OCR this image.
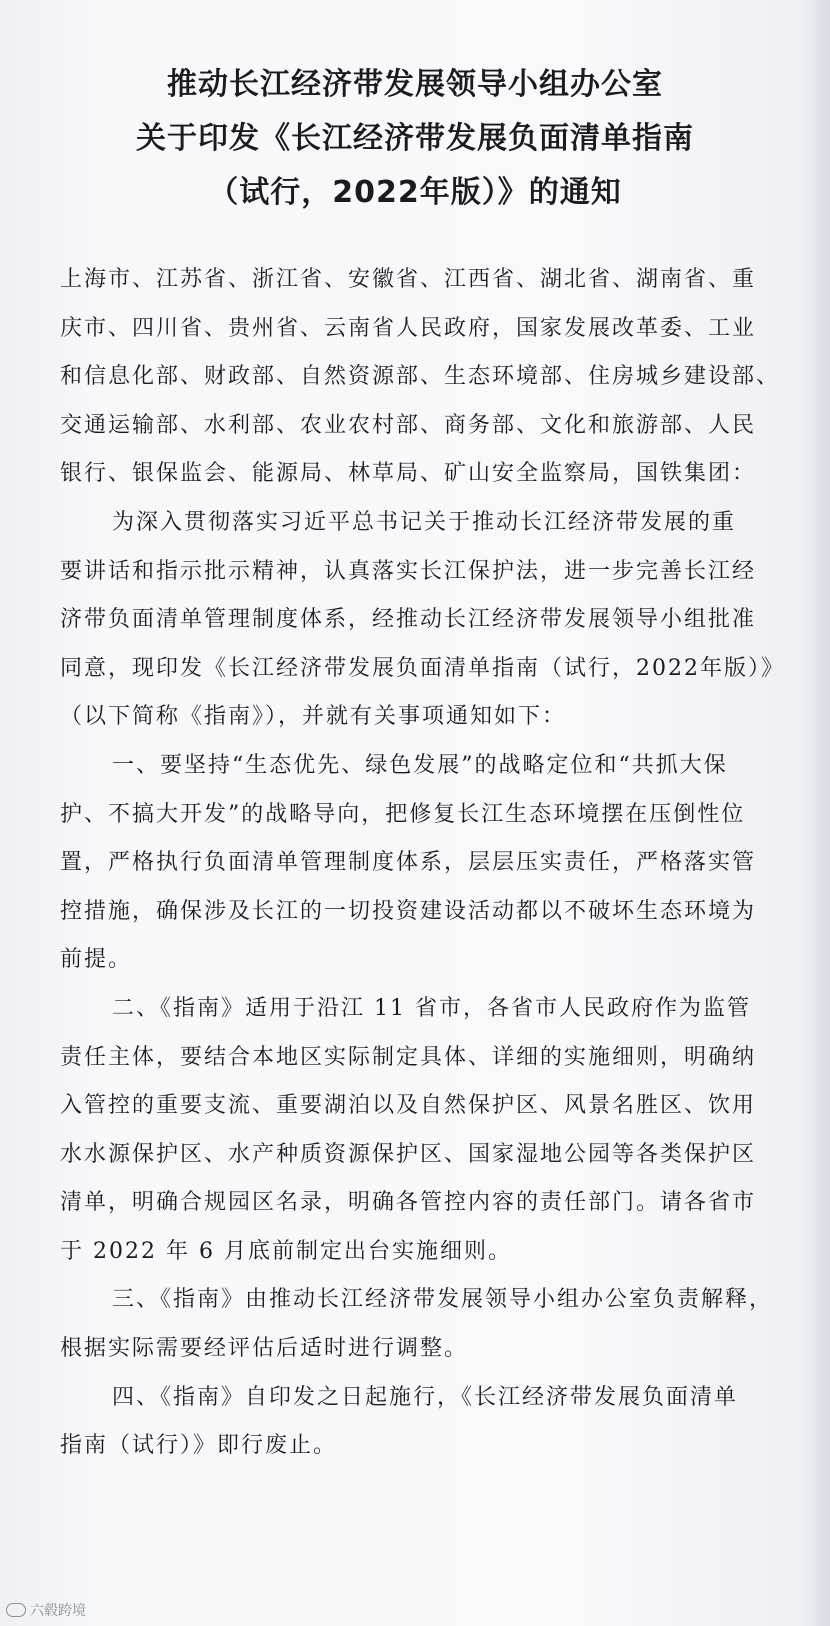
推动长江经济带发展领导小组办公室
关于印发《长江经济带发展负面清单指南
（试行，2022年版）》的通知
上海市、江苏省、浙江省、安徽省、江西省、湖北省、湖南省、重
庆市、四川省、贵州省、云南省人民政府，国家发展改革委、工业
和信息化部、财政部、自然资源部、生态环境部、住房城乡建设部、
交通运输部、水利部、农业农村部、商务部、文化和旅游部、人民
银行、银保监会、能源局、林草局、矿山安全监察局，国铁集团：
为深入贯彻落实习近平总书记关于推动长江经济带发展的重
要讲话和指示批示精神，认真落实长江保护法，进一步完善长江经
济带负面清单管理制度体系，经推动长江经济带发展领导小组批准
同意，现印发《长江经济带发展负面清单指南（试行，2022年版）》
（以下简称《指南》），并就有关事项通知如下：
一、要坚持“生态优先、绿色发展”的战略定位和“共抓大保
护、不搞大开发”的战略导向，把修复长江生态环境摆在压倒性位
置，严格执行负面清单管理制度体系，层层压实责任，严格落实管
控措施，确保涉及长江的一切投资建设活动都以不破坏生态环境为
前提。
二、《指南》适用于沿江 11 省市，各省市人民政府作为监管
责任主体，要结合本地区实际制定具体、详细的实施细则，明确纳
入管控的重要支流、重要湖泊以及自然保护区、风景名胜区、饮用
水水源保护区、水产种质资源保护区、国家湿地公园等各类保护区
清单，明确合规园区名录，明确各管控内容的责任部门。请各省市
于 2022 年 6 月底前制定出台实施细则。
三、《指南》由推动长江经济带发展领导小组办公室负责解释，
根据实际需要经评估后适时进行调整。
四、《指南》自印发之日起施行，《长江经济带发展负面清单
指南（试行）》即行废止。
六毂跨境
